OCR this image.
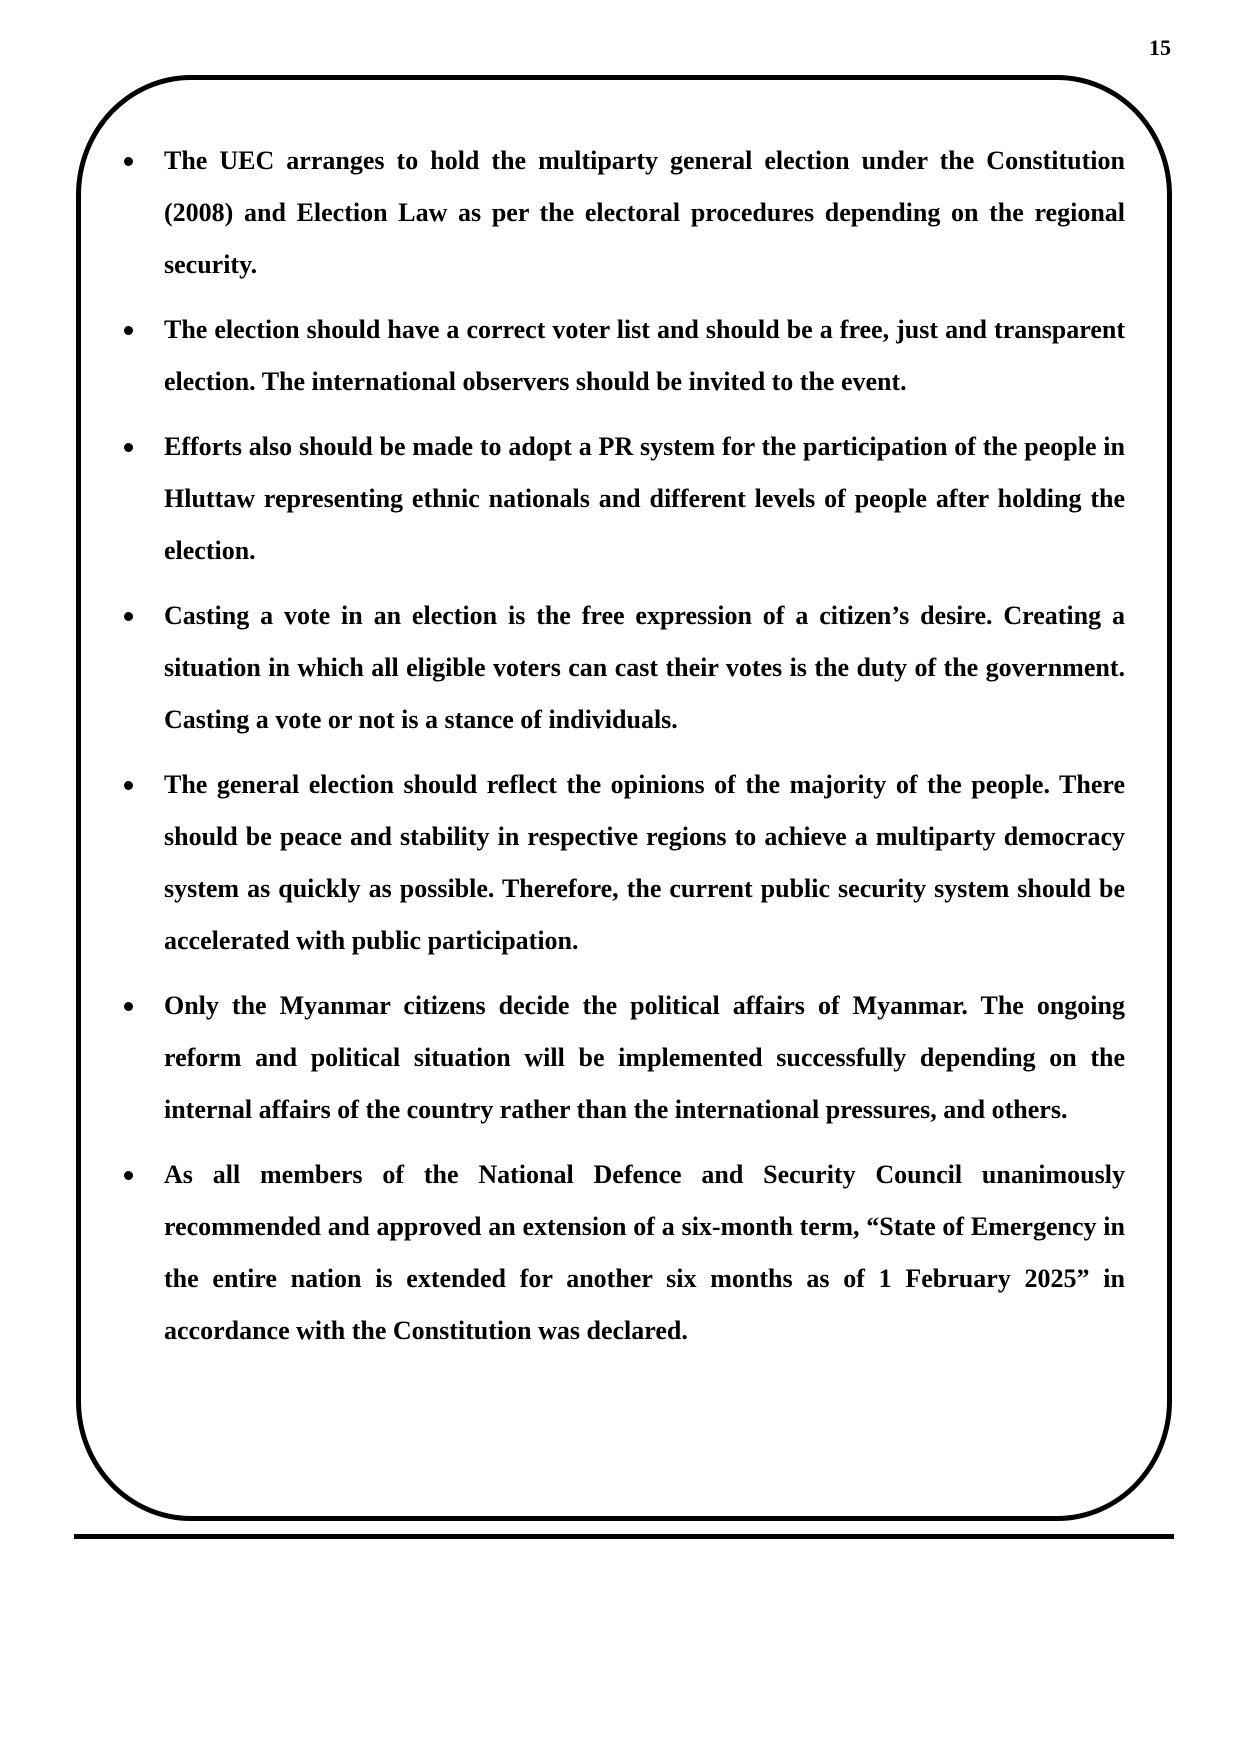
15
The UEC arranges to hold the multiparty general election under the Constitution (2008) and Election Law as per the electoral procedures depending on the regional security.
The election should have a correct voter list and should be a free, just and transparent election. The international observers should be invited to the event.
Efforts also should be made to adopt a PR system for the participation of the people in Hluttaw representing ethnic nationals and different levels of people after holding the election.
Casting a vote in an election is the free expression of a citizen’s desire. Creating a situation in which all eligible voters can cast their votes is the duty of the government. Casting a vote or not is a stance of individuals.
The general election should reflect the opinions of the majority of the people. There should be peace and stability in respective regions to achieve a multiparty democracy system as quickly as possible. Therefore, the current public security system should be accelerated with public participation.
Only the Myanmar citizens decide the political affairs of Myanmar. The ongoing reform and political situation will be implemented successfully depending on the internal affairs of the country rather than the international pressures, and others.
As all members of the National Defence and Security Council unanimously recommended and approved an extension of a six-month term, “State of Emergency in the entire nation is extended for another six months as of 1 February 2025” in accordance with the Constitution was declared.
